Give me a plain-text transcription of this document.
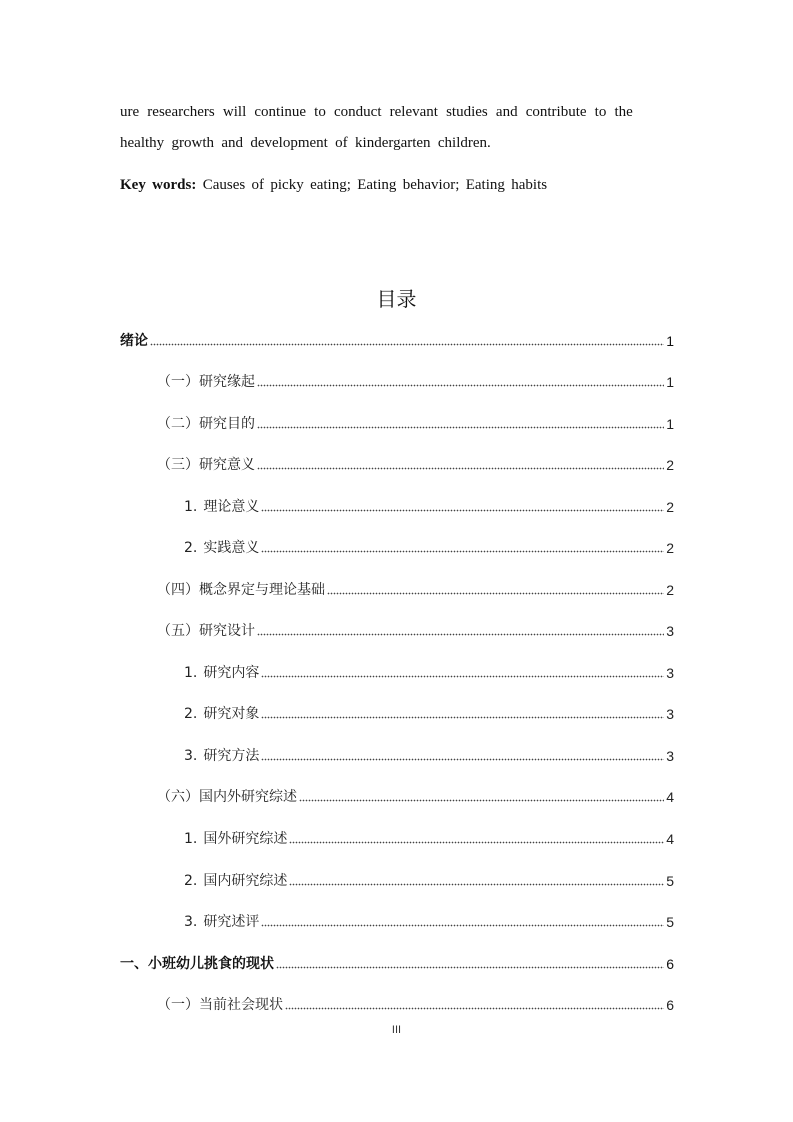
ure researchers will continue to conduct relevant studies and contribute to the
healthy growth and development of kindergarten children.
Key words: Causes of picky eating; Eating behavior; Eating habits
目录
绪论	1
（一）研究缘起	1
（二）研究目的	1
（三）研究意义	2
1. 理论意义	2
2. 实践意义	2
（四）概念界定与理论基础	2
（五）研究设计	3
1. 研究内容	3
2. 研究对象	3
3. 研究方法	3
（六）国内外研究综述	4
1. 国外研究综述	4
2. 国内研究综述	5
3. 研究述评	5
一、小班幼儿挑食的现状	6
（一）当前社会现状	6
III
